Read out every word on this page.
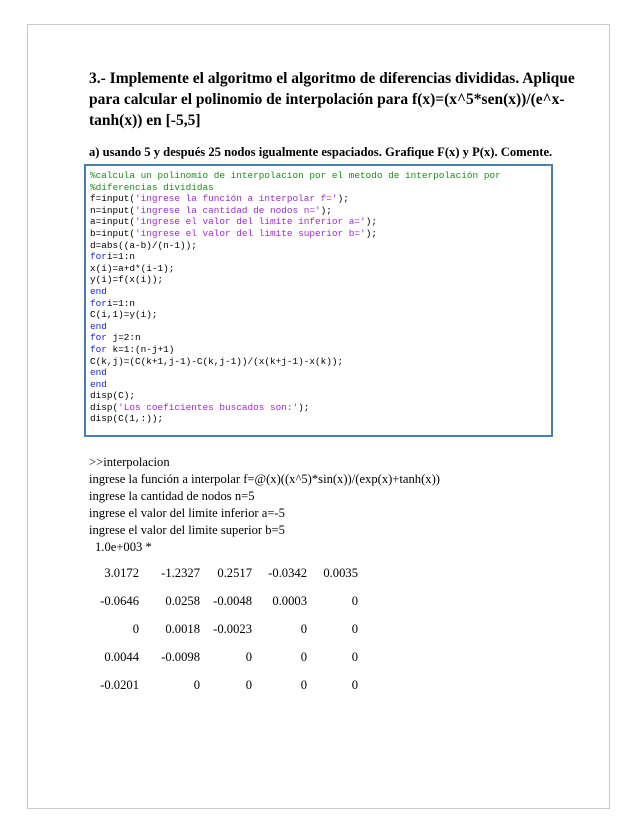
3.- Implemente el algoritmo el algoritmo de diferencias divididas. Aplique
para calcular el polinomio de interpolación para f(x)=(x^5*sen(x))/(e^x-
tanh(x)) en [-5,5]
a) usando 5 y después 25 nodos igualmente espaciados. Grafique F(x) y P(x). Comente.
%calcula un polinomio de interpolacion por el metodo de interpolación por
%diferencias divididas
f=input('ingrese la función a interpolar f=');
n=input('ingrese la cantidad de nodos n=');
a=input('ingrese el valor del limite inferior a=');
b=input('ingrese el valor del limite superior b=');
d=abs((a-b)/(n-1));
fori=1:n
x(i)=a+d*(i-1);
y(i)=f(x(i));
end
fori=1:n
C(i,1)=y(i);
end
for j=2:n
for k=1:(n-j+1)
C(k,j)=(C(k+1,j-1)-C(k,j-1))/(x(k+j-1)-x(k));
end
end
disp(C);
disp('Los coeficientes buscados son:');
disp(C(1,:));
>>interpolacion
ingrese la función a interpolar f=@(x)((x^5)*sin(x))/(exp(x)+tanh(x))
ingrese la cantidad de nodos n=5
ingrese el valor del limite inferior a=-5
ingrese el valor del limite superior b=5
1.0e+003 *
3.0172	-1.2327	0.2517	-0.0342	0.0035
-0.0646	0.0258	-0.0048	0.0003	0
0	0.0018	-0.0023	0	0
0.0044	-0.0098	0	0	0
-0.0201	0	0	0	0
